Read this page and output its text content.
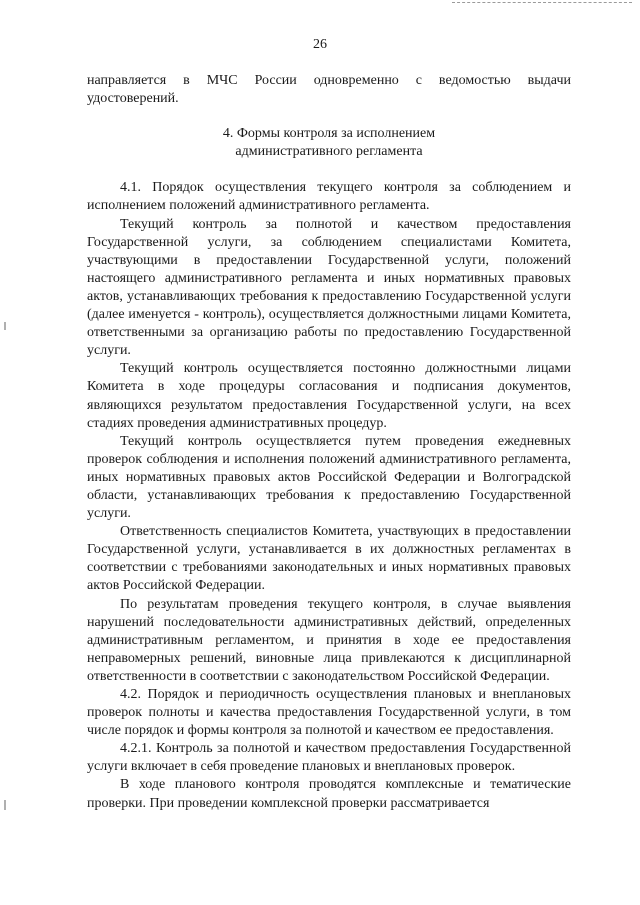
26

направляется в МЧС России одновременно с ведомостью выдачи удостоверений.

4. Формы контроля за исполнением
административного регламента

4.1. Порядок осуществления текущего контроля за соблюдением и исполнением положений административного регламента.

Текущий контроль за полнотой и качеством предоставления Государственной услуги, за соблюдением специалистами Комитета, участвующими в предоставлении Государственной услуги, положений настоящего административного регламента и иных нормативных правовых актов, устанавливающих требования к предоставлению Государственной услуги (далее именуется - контроль), осуществляется должностными лицами Комитета, ответственными за организацию работы по предоставлению Государственной услуги.

Текущий контроль осуществляется постоянно должностными лицами Комитета в ходе процедуры согласования и подписания документов, являющихся результатом предоставления Государственной услуги, на всех стадиях проведения административных процедур.

Текущий контроль осуществляется путем проведения ежедневных проверок соблюдения и исполнения положений административного регламента, иных нормативных правовых актов Российской Федерации и Волгоградской области, устанавливающих требования к предоставлению Государственной услуги.

Ответственность специалистов Комитета, участвующих в предоставлении Государственной услуги, устанавливается в их должностных регламентах в соответствии с требованиями законодательных и иных нормативных правовых актов Российской Федерации.

По результатам проведения текущего контроля, в случае выявления нарушений последовательности административных действий, определенных административным регламентом, и принятия в ходе ее предоставления неправомерных решений, виновные лица привлекаются к дисциплинарной ответственности в соответствии с законодательством Российской Федерации.

4.2. Порядок и периодичность осуществления плановых и внеплановых проверок полноты и качества предоставления Государственной услуги, в том числе порядок и формы контроля за полнотой и качеством ее предоставления.

4.2.1. Контроль за полнотой и качеством предоставления Государственной услуги включает в себя проведение плановых и внеплановых проверок.

В ходе планового контроля проводятся комплексные и тематические проверки. При проведении комплексной проверки рассматривается
